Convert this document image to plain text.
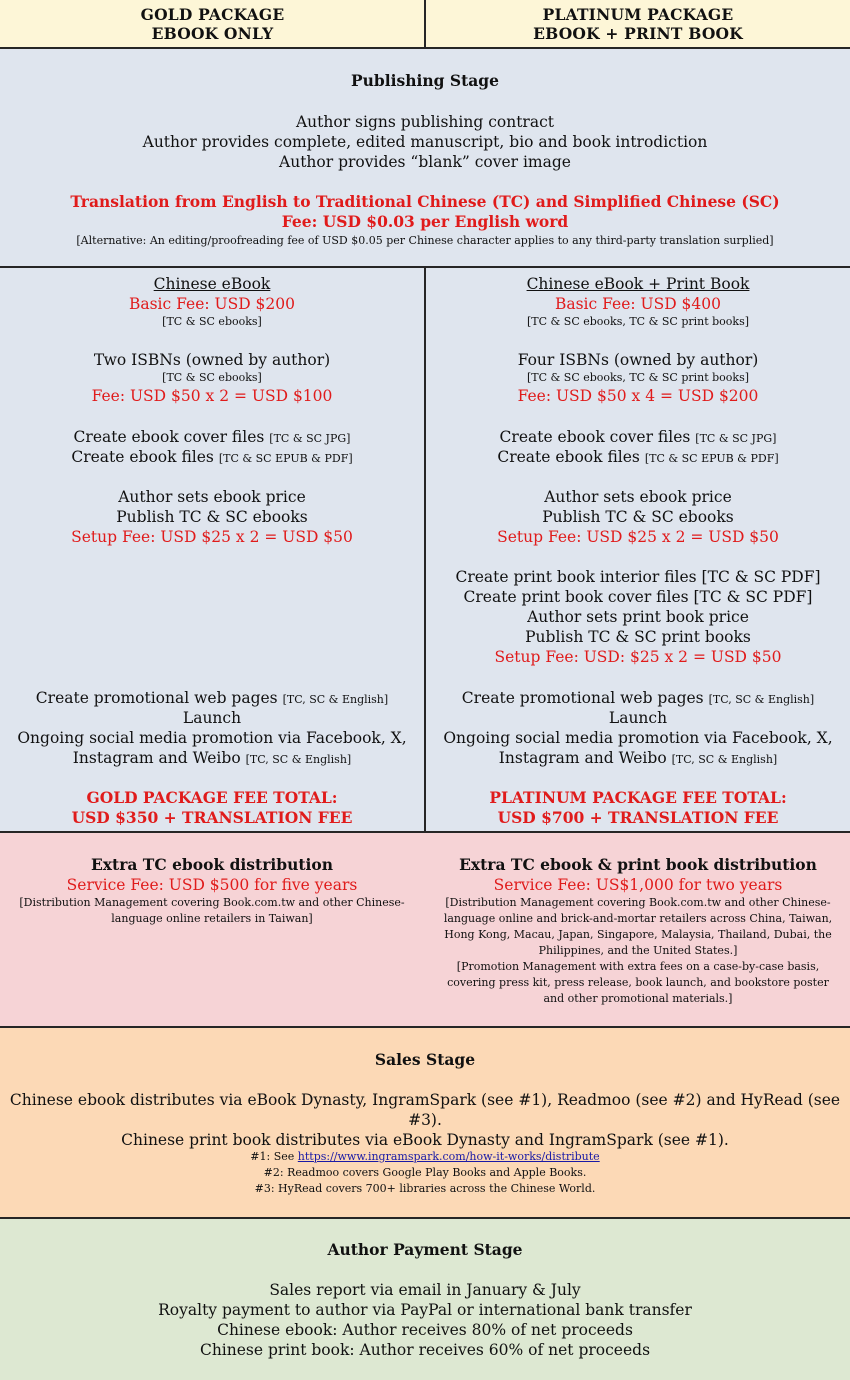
GOLD PACKAGE
EBOOK ONLY
PLATINUM PACKAGE
EBOOK + PRINT BOOK
Publishing Stage
Author signs publishing contract
Author provides complete, edited manuscript, bio and book introdiction
Author provides “blank” cover image
Translation from English to Traditional Chinese (TC) and Simplified Chinese (SC)
Fee: USD $0.03 per English word
[Alternative: An editing/proofreading fee of USD $0.05 per Chinese character applies to any third-party translation surplied]
Chinese eBook
Basic Fee: USD $200
[TC & SC ebooks]
Two ISBNs (owned by author)
[TC & SC ebooks]
Fee: USD $50 x 2 = USD $100
Create ebook cover files [TC & SC JPG]
Create ebook files [TC & SC EPUB & PDF]
Author sets ebook price
Publish TC & SC ebooks
Setup Fee: USD $25 x 2 = USD $50
Create promotional web pages [TC, SC & English]
Launch
Ongoing social media promotion via Facebook, X,
Instagram and Weibo [TC, SC & English]
GOLD PACKAGE FEE TOTAL:
USD $350 + TRANSLATION FEE
Chinese eBook + Print Book
Basic Fee: USD $400
[TC & SC ebooks, TC & SC print books]
Four ISBNs (owned by author)
[TC & SC ebooks, TC & SC print books]
Fee: USD $50 x 4 = USD $200
Create ebook cover files [TC & SC JPG]
Create ebook files [TC & SC EPUB & PDF]
Author sets ebook price
Publish TC & SC ebooks
Setup Fee: USD $25 x 2 = USD $50
Create print book interior files [TC & SC PDF]
Create print book cover files [TC & SC PDF]
Author sets print book price
Publish TC & SC print books
Setup Fee: USD: $25 x 2 = USD $50
Create promotional web pages [TC, SC & English]
Launch
Ongoing social media promotion via Facebook, X,
Instagram and Weibo [TC, SC & English]
PLATINUM PACKAGE FEE TOTAL:
USD $700 + TRANSLATION FEE
Extra TC ebook distribution
Service Fee: USD $500 for five years
[Distribution Management covering Book.com.tw and other Chinese-language online retailers in Taiwan]
Extra TC ebook & print book distribution
Service Fee: US$1,000 for two years
[Distribution Management covering Book.com.tw and other Chinese-language online and brick-and-mortar retailers across China, Taiwan, Hong Kong, Macau, Japan, Singapore, Malaysia, Thailand, Dubai, the Philippines, and the United States.]
[Promotion Management with extra fees on a case-by-case basis, covering press kit, press release, book launch, and bookstore poster and other promotional materials.]
Sales Stage
Chinese ebook distributes via eBook Dynasty, IngramSpark (see #1), Readmoo (see #2) and HyRead (see #3).
Chinese print book distributes via eBook Dynasty and IngramSpark (see #1).
#1: See https://www.ingramspark.com/how-it-works/distribute
#2: Readmoo covers Google Play Books and Apple Books.
#3: HyRead covers 700+ libraries across the Chinese World.
Author Payment Stage
Sales report via email in January & July
Royalty payment to author via PayPal or international bank transfer
Chinese ebook: Author receives 80% of net proceeds
Chinese print book: Author receives 60% of net proceeds
